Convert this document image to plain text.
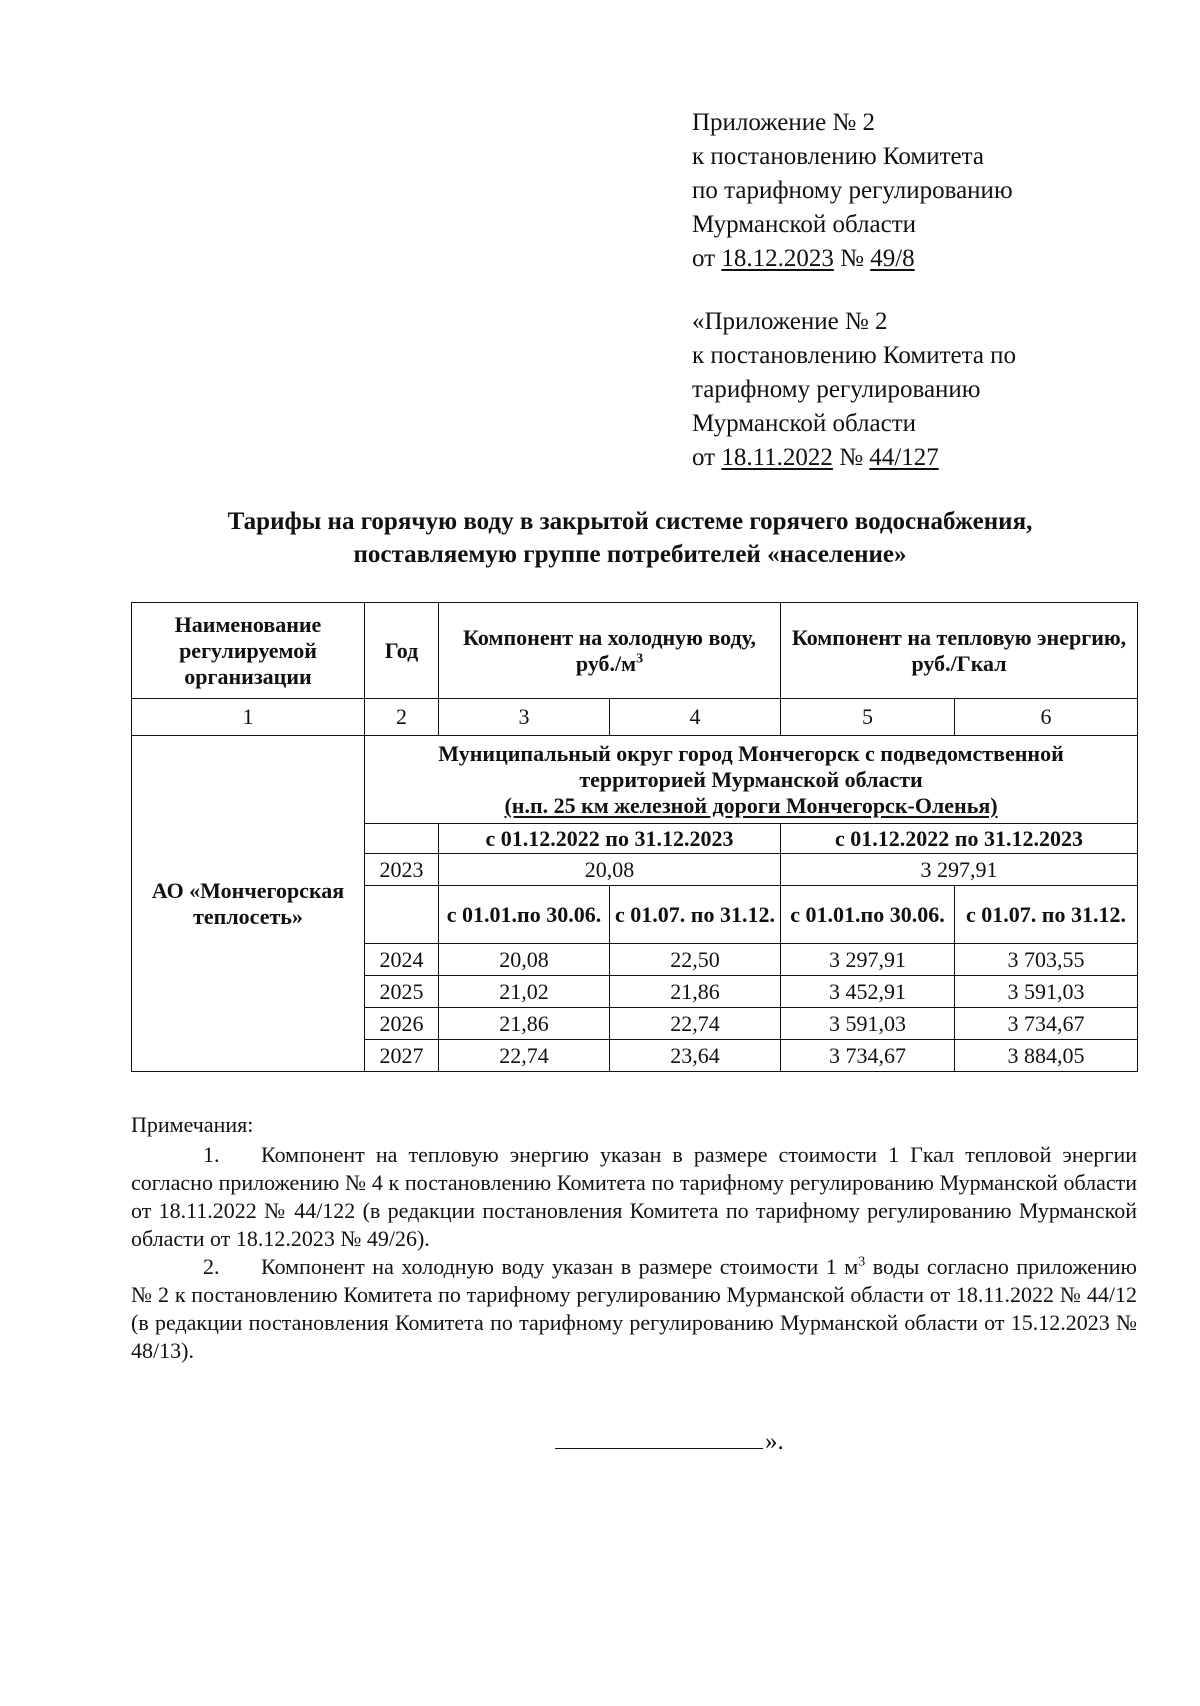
Приложение № 2
к постановлению Комитета
по тарифному регулированию
Мурманской области
от 18.12.2023 № 49/8
«Приложение № 2
к постановлению Комитета по
тарифному регулированию
Мурманской области
от 18.11.2022 № 44/127
Тарифы на горячую воду в закрытой системе горячего водоснабжения,
поставляемую группе потребителей «население»
Наименование регулируемой организации	Год	Компонент на холодную воду, $руб./м^3$		Компонент на тепловую энергию, руб./Гкал	
1	2	3	4	5	6
АО «Мончегорская теплосеть»	Муниципальный округ город Мончегорск с подведомственной
территорией Мурманской области
(н.п. 25 км железной дороги Мончегорск-Оленья)				

		с 01.12.2022 по 31.12.2023		с 01.12.2022 по 31.12.2023	
	2023	20,08		3 297,91	
		с 01.01.по 30.06.	с 01.07. по 31.12.	с 01.01.по 30.06.	с 01.07. по 31.12.
	2024	20,08	22,50	3 297,91	3 703,55
	2025	21,02	21,86	3 452,91	3 591,03
	2026	21,86	22,74	3 591,03	3 734,67
	2027	22,74	23,64	3 734,67	3 884,05

Примечания:

1. Компонент на тепловую энергию указан в размере стоимости 1 Гкал тепловой энергии согласно приложению № 4 к постановлению Комитета по тарифному регулированию Мурманской области от 18.11.2022 № 44/122 (в редакции постановления Комитета по тарифному регулированию Мурманской области от 18.12.2023 № 49/26).

2. Компонент на холодную воду указан в размере стоимости 1 $м^3$ воды согласно приложению № 2 к постановлению Комитета по тарифному регулированию Мурманской области от 18.11.2022 № 44/12 (в редакции постановления Комитета по тарифному регулированию Мурманской области от 15.12.2023 № 48/13).

».
